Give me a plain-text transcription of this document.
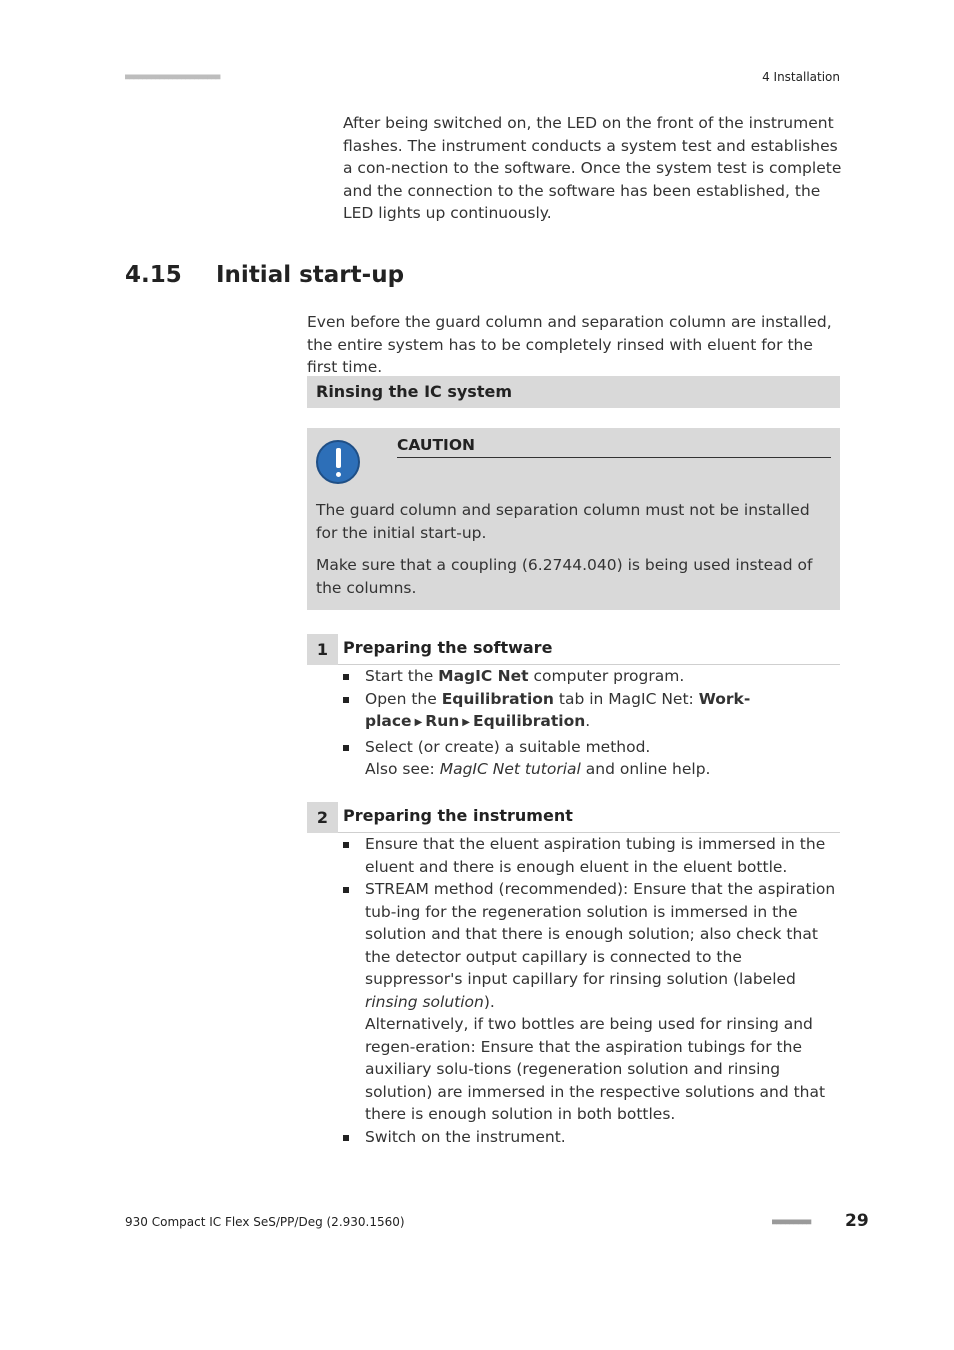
■■■■■■■■■■■■■■■■■■■■■■	4 Installation
After being switched on, the LED on the front of the instrument flashes. The instrument conducts a system test and establishes a con-nection to the software. Once the system test is complete and the connection to the software has been established, the LED lights up continuously.
4.15 Initial start-up
Even before the guard column and separation column are installed, the entire system has to be completely rinsed with eluent for the first time.
Rinsing the IC system
CAUTION
The guard column and separation column must not be installed for the initial start-up.
Make sure that a coupling (6.2744.040) is being used instead of the columns.
1 Preparing the software
Start the MagIC Net computer program.
Open the Equilibration tab in MagIC Net: Work-
place ▶ Run ▶ Equilibration.
Select (or create) a suitable method.
Also see: MagIC Net tutorial and online help.
2 Preparing the instrument
Ensure that the eluent aspiration tubing is immersed in the eluent and there is enough eluent in the eluent bottle.
STREAM method (recommended): Ensure that the aspiration tub-ing for the regeneration solution is immersed in the solution and that there is enough solution; also check that the detector output capillary is connected to the suppressor's input capillary for rinsing solution (labeled rinsing solution).
Alternatively, if two bottles are being used for rinsing and regen-eration: Ensure that the aspiration tubings for the auxiliary solu-tions (regeneration solution and rinsing solution) are immersed in the respective solutions and that there is enough solution in both bottles.
Switch on the instrument.
930 Compact IC Flex SeS/PP/Deg (2.930.1560)	■■■■■■■■■ 29
